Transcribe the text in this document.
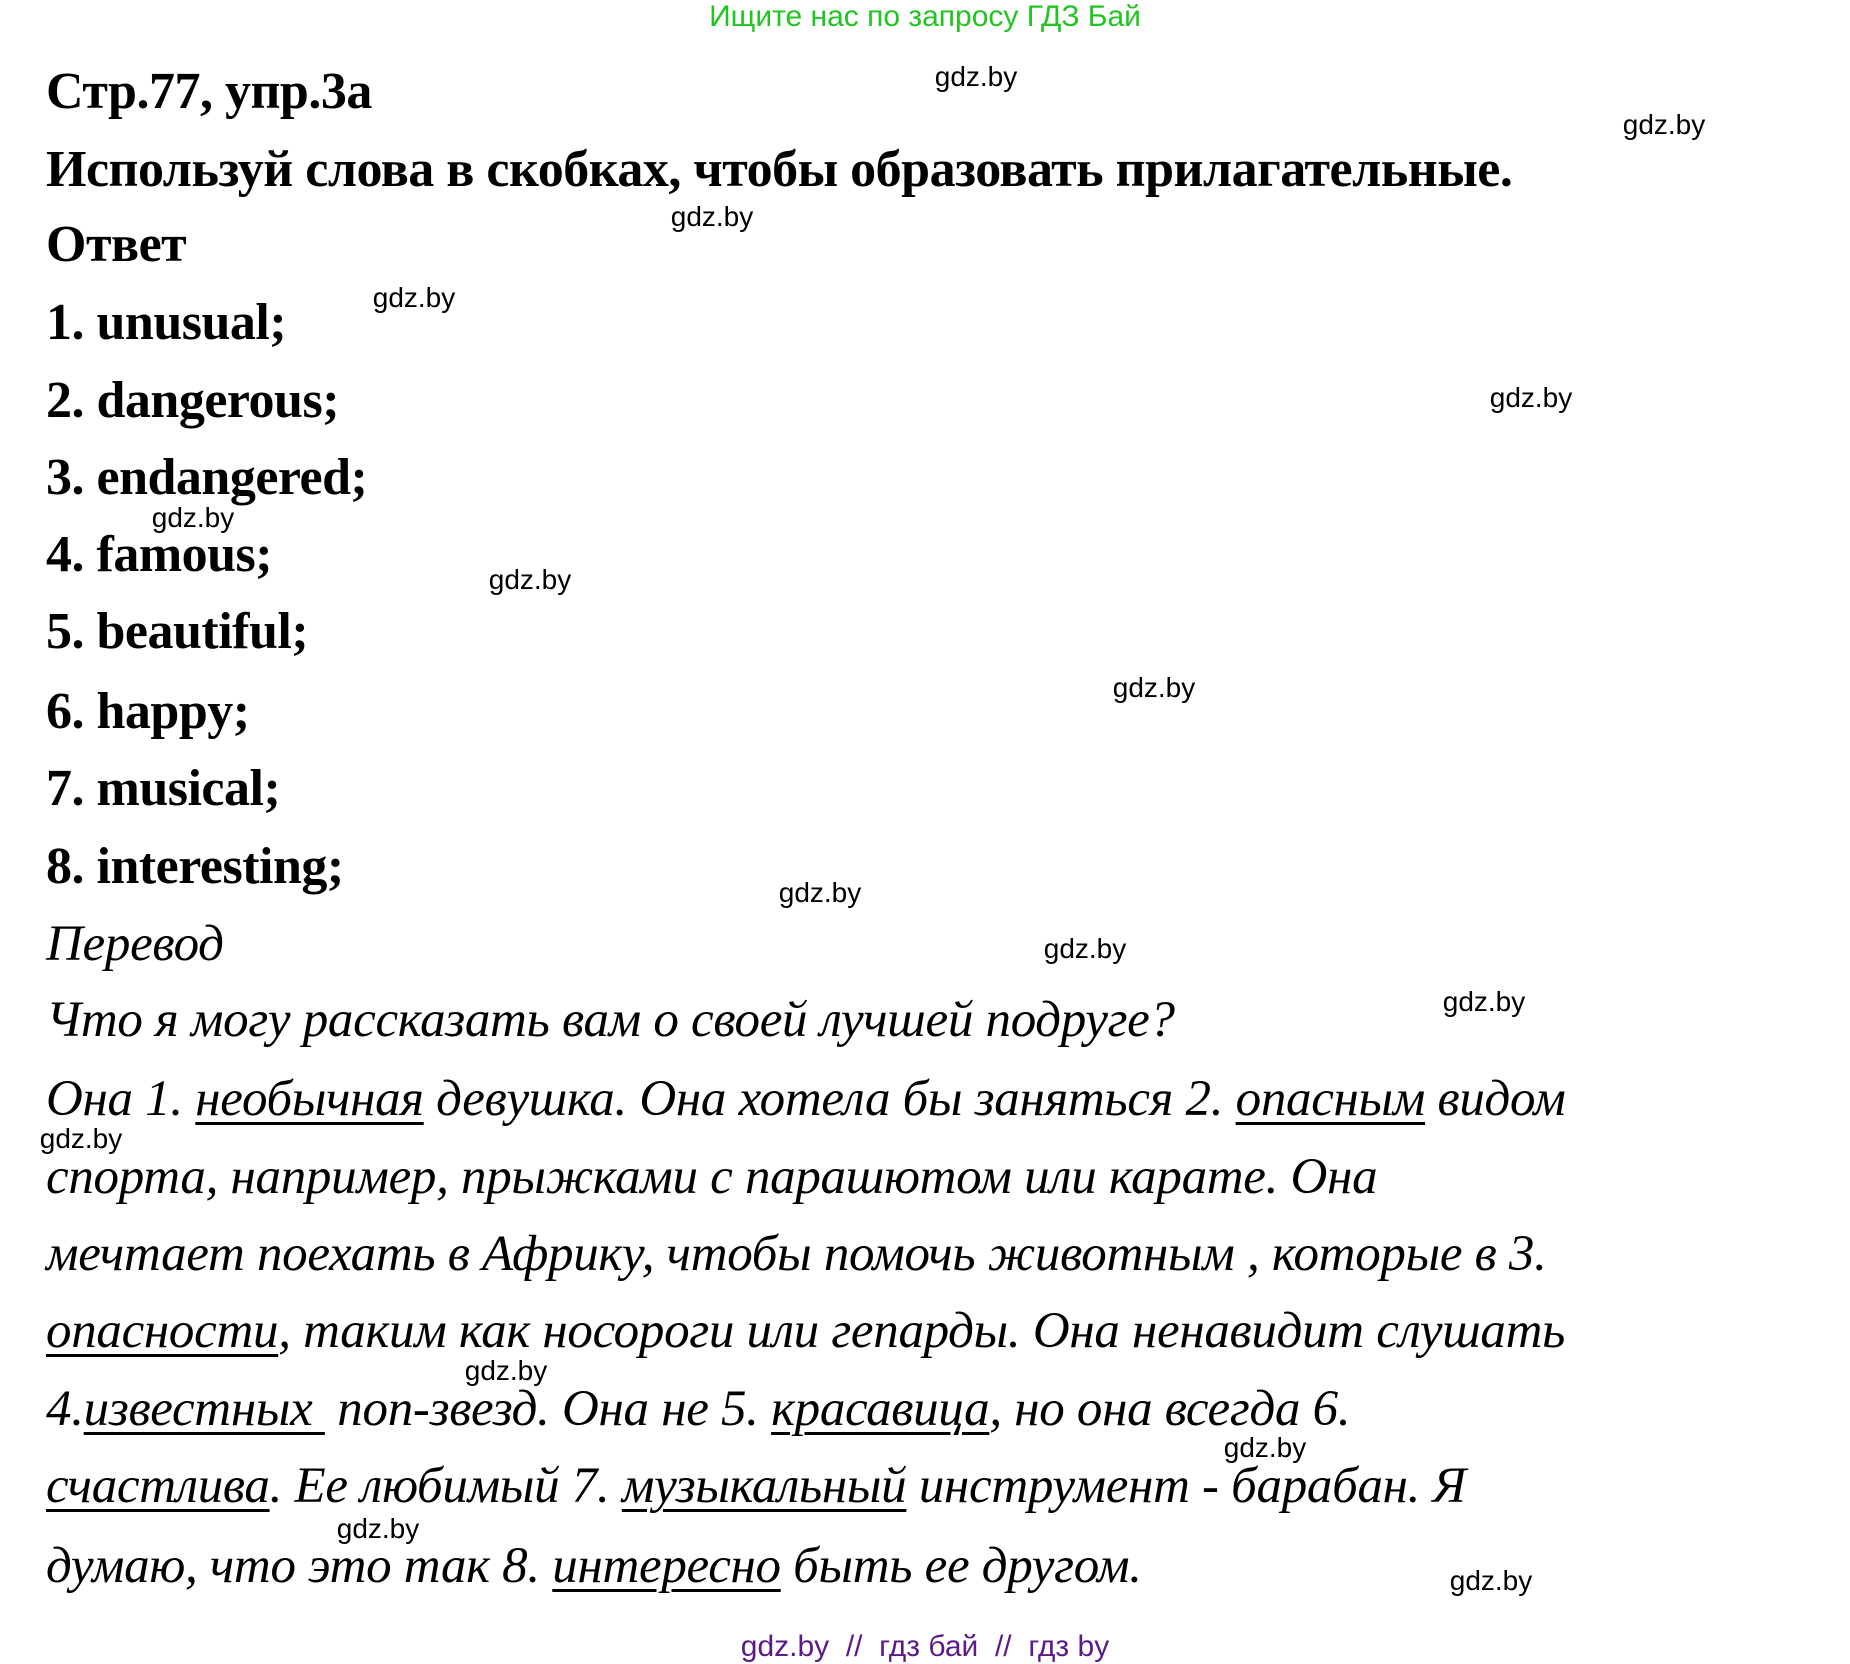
Ищите нас по запросу ГДЗ Бай
Стр.77, упр.3а
Используй слова в скобках, чтобы образовать прилагательные.
Ответ
1. unusual;
2. dangerous;
3. endangered;
4. famous;
5. beautiful;
6. happy;
7. musical;
8. interesting;
Перевод
Что я могу рассказать вам о своей лучшей подруге?
Она 1. необычная девушка. Она хотела бы заняться 2. опасным видом
спорта, например, прыжками с парашютом или карате. Она
мечтает поехать в Африку, чтобы помочь животным , которые в 3.
опасности, таким как носороги или гепарды. Она ненавидит слушать
4.известных  поп-звезд. Она не 5. красавица, но она всегда 6.
счастлива. Ее любимый 7. музыкальный инструмент - барабан. Я
думаю, что это так 8. интересно быть ее другом.
gdz.by
gdz.by
gdz.by
gdz.by
gdz.by
gdz.by
gdz.by
gdz.by
gdz.by
gdz.by
gdz.by
gdz.by
gdz.by
gdz.by
gdz.by
gdz.by
gdz.by  //  гдз бай  //  гдз by
